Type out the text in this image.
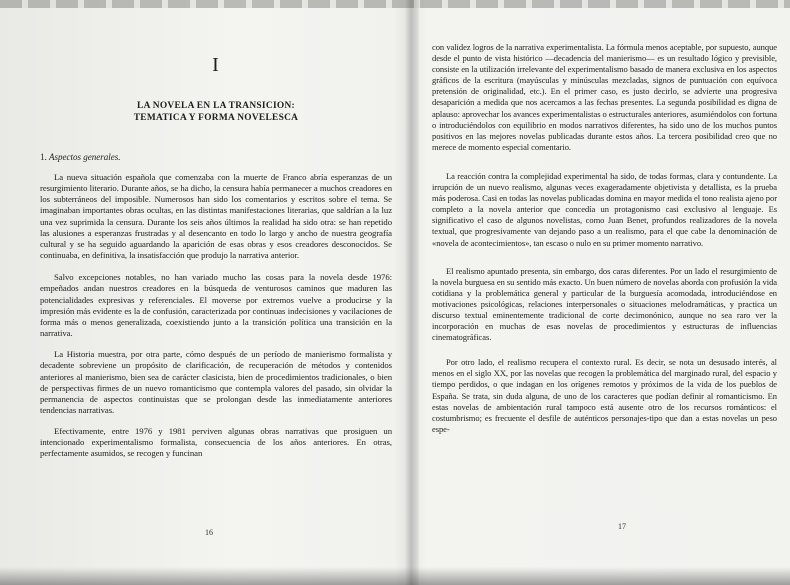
I
LA NOVELA EN LA TRANSICION:
TEMATICA Y FORMA NOVELESCA
1. Aspectos generales.

La nueva situación española que comenzaba con la muerte de Franco abría esperanzas de un resurgimiento literario. Durante años, se ha dicho, la censura había permanecer a muchos creadores en los subterráneos del imposible. Numerosos han sido los comentarios y escritos sobre el tema. Se imaginaban importantes obras ocultas, en las distintas manifestaciones literarias, que saldrían a la luz una vez suprimida la censura. Durante los seis años últimos la realidad ha sido otra: se han repetido las alusiones a esperanzas frustradas y al desencanto en todo lo largo y ancho de nuestra geografía cultural y se ha seguido aguardando la aparición de esas obras y esos creadores desconocidos. Se continuaba, en definitiva, la insatisfacción que produjo la narrativa anterior.

Salvo excepciones notables, no han variado mucho las cosas para la novela desde 1976: empeñados andan nuestros creadores en la búsqueda de venturosos caminos que maduren las potencialidades expresivas y referenciales. El moverse por extremos vuelve a producirse y la impresión más evidente es la de confusión, caracterizada por continuas indecisiones y vacilaciones de forma más o menos generalizada, coexistiendo junto a la transición política una transición en la narrativa.

La Historia muestra, por otra parte, cómo después de un período de manierismo formalista y decadente sobreviene un propósito de clarificación, de recuperación de métodos y contenidos anteriores al manierismo, bien sea de carácter clasicista, bien de procedimientos tradicionales, o bien de perspectivas firmes de un nuevo romanticismo que contempla valores del pasado, sin olvidar la permanencia de aspectos continuistas que se prolongan desde las inmediatamente anteriores tendencias narrativas.

Efectivamente, entre 1976 y 1981 perviven algunas obras narrativas que prosiguen un intencionado experimentalismo formalista, consecuencia de los años anteriores. En otras, perfectamente asumidos, se recogen y funcinan

16

con validez logros de la narrativa experimentalista. La fórmula menos aceptable, por supuesto, aunque desde el punto de vista histórico —decadencia del manierismo— es un resultado lógico y previsible, consiste en la utilización irrelevante del experimentalismo basado de manera exclusiva en los aspectos gráficos de la escritura (mayúsculas y minúsculas mezcladas, signos de puntuación con equívoca pretensión de originalidad, etc.). En el primer caso, es justo decirlo, se advierte una progresiva desaparición a medida que nos acercamos a las fechas presentes. La segunda posibilidad es digna de aplauso: aprovechar los avances experimentalistas o estructurales anteriores, asumiéndolos con fortuna o introduciéndolos con equilibrio en modos narrativos diferentes, ha sido uno de los muchos puntos positivos en las mejores novelas publicadas durante estos años. La tercera posibilidad creo que no merece de momento especial comentario.

La reacción contra la complejidad experimental ha sido, de todas formas, clara y contundente. La irrupción de un nuevo realismo, algunas veces exageradamente objetivista y detallista, es la prueba más poderosa. Casi en todas las novelas publicadas domina en mayor medida el tono realista ajeno por completo a la novela anterior que concedía un protagonismo casi exclusivo al lenguaje. Es significativo el caso de algunos novelistas, como Juan Benet, profundos realizadores de la novela textual, que progresivamente van dejando paso a un realismo, para el que cabe la denominación de «novela de acontecimientos», tan escaso o nulo en su primer momento narrativo.

El realismo apuntado presenta, sin embargo, dos caras diferentes. Por un lado el resurgimiento de la novela burguesa en su sentido más exacto. Un buen número de novelas aborda con profusión la vida cotidiana y la problemática general y particular de la burguesía acomodada, introduciéndose en motivaciones psicológicas, relaciones interpersonales o situaciones melodramáticas, y practica un discurso textual eminentemente tradicional de corte decimonónico, aunque no sea raro ver la incorporación en muchas de esas novelas de procedimientos y estructuras de influencias cinematográficas.

Por otro lado, el realismo recupera el contexto rural. Es decir, se nota un desusado interés, al menos en el siglo XX, por las novelas que recogen la problemática del marginado rural, del espacio y tiempo perdidos, o que indagan en los orígenes remotos y próximos de la vida de los pueblos de España. Se trata, sin duda alguna, de uno de los caracteres que podían definir al romanticismo. En estas novelas de ambientación rural tampoco está ausente otro de los recursos románticos: el costumbrismo; es frecuente el desfile de auténticos personajes-tipo que dan a estas novelas un peso espe-

17
